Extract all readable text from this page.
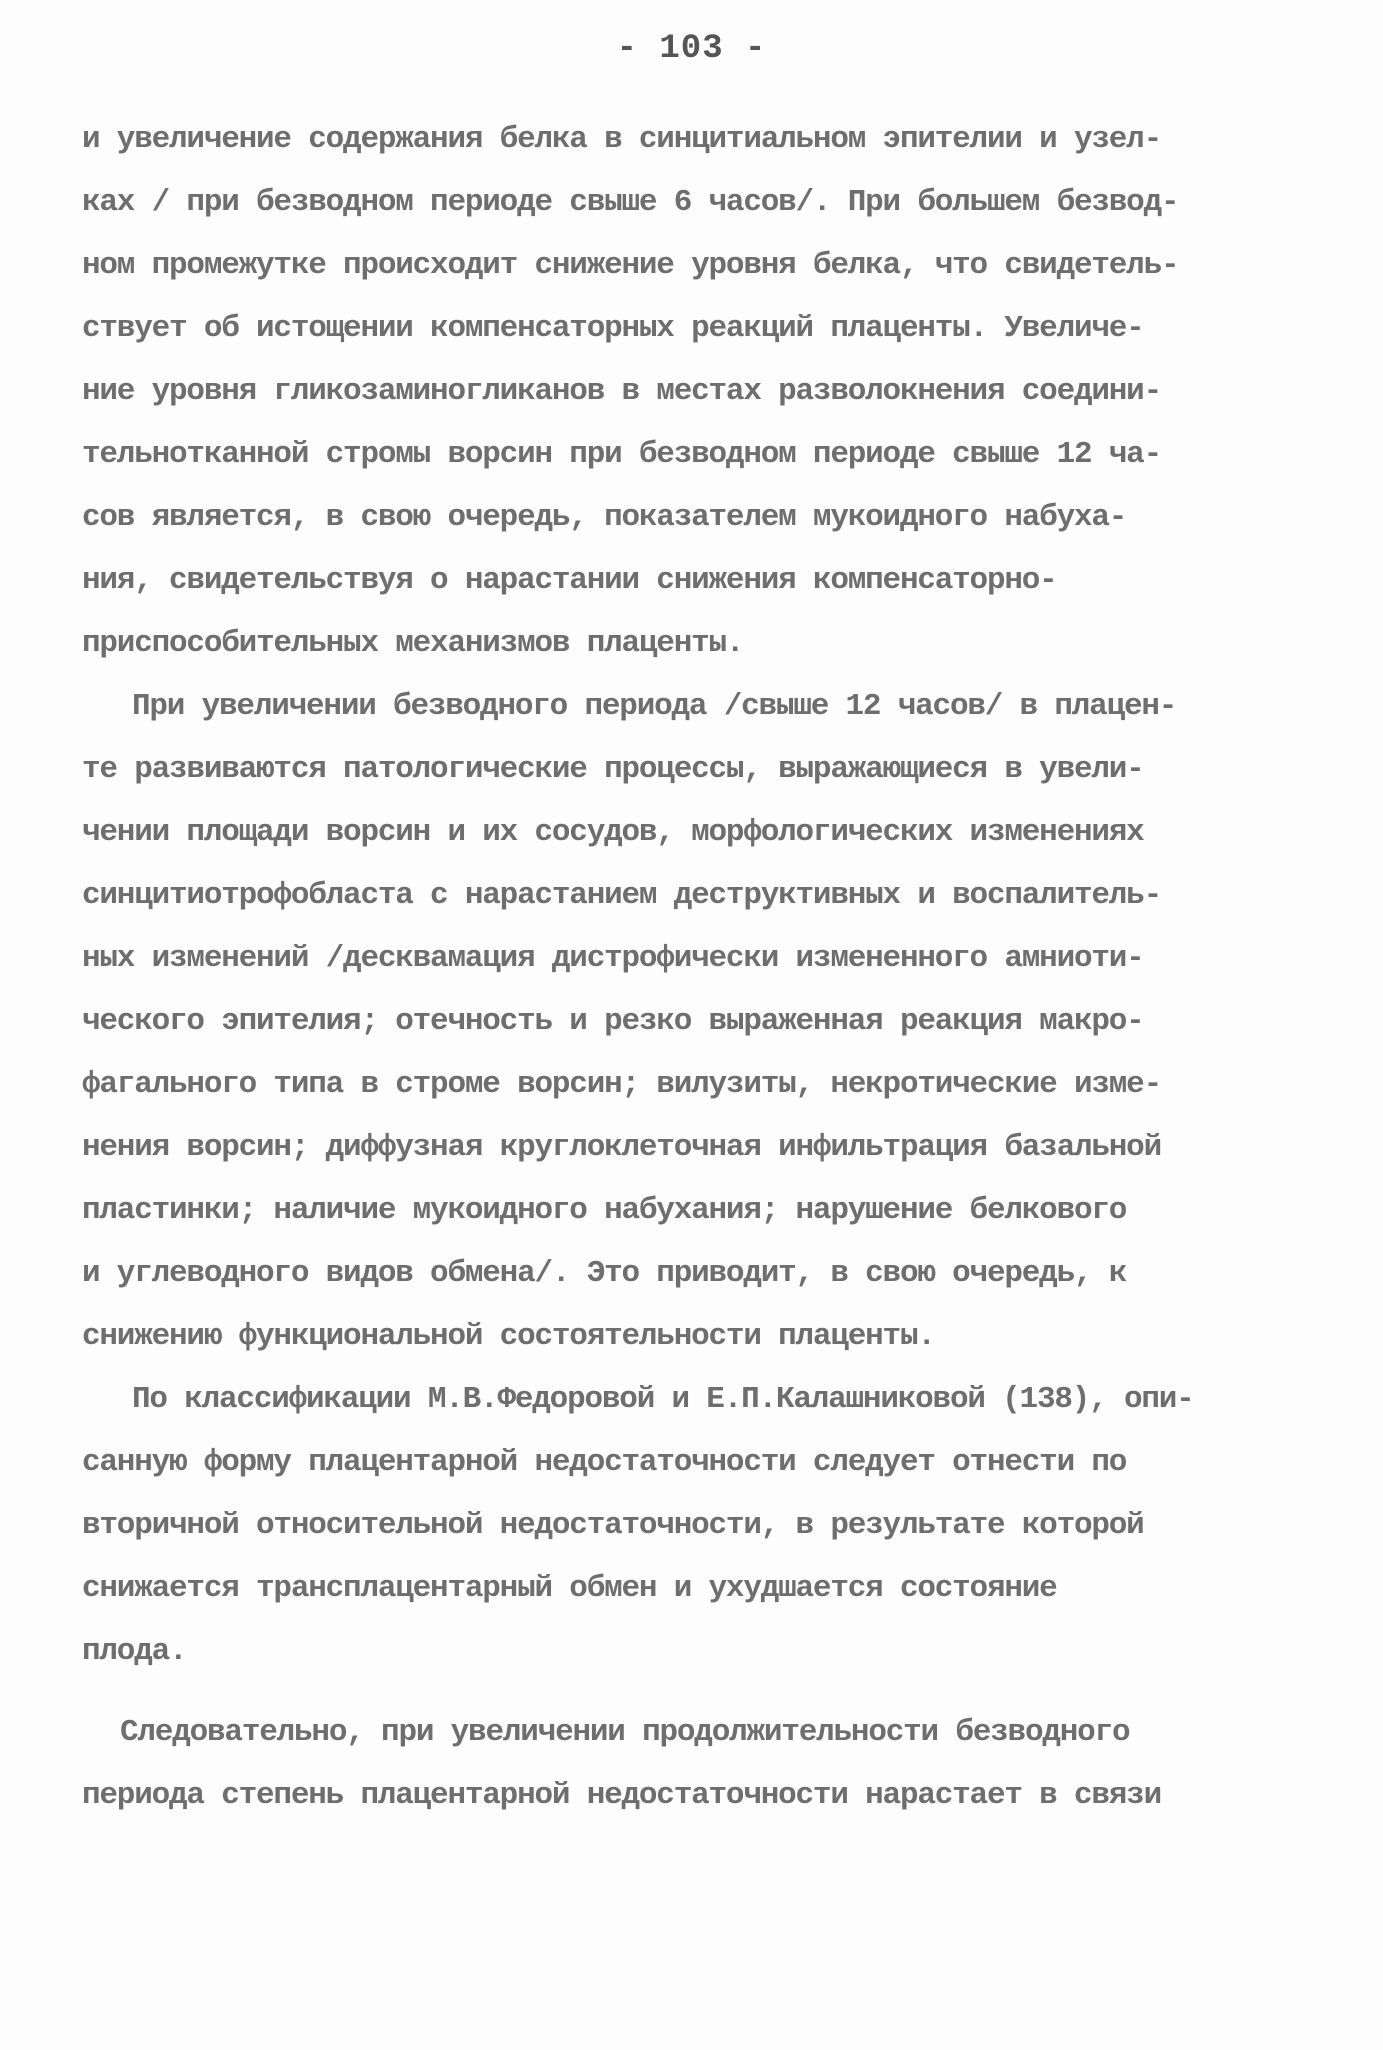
- 103 -
и увеличение содержания белка в синцитиальном эпителии и узел-
ках / при безводном периоде свыше 6 часов/. При большем безвод-
ном промежутке происходит снижение уровня белка, что свидетель-
ствует об истощении компенсаторных реакций плаценты. Увеличе-
ние уровня гликозаминогликанов в местах разволокнения соедини-
тельнотканной стромы ворсин при безводном периоде свыше 12 ча-
сов является, в свою очередь, показателем мукоидного набуха-
ния, свидетельствуя о нарастании снижения компенсаторно-
приспособительных механизмов плаценты.
При увеличении безводного периода /свыше 12 часов/ в плацен-
те развиваются патологические процессы, выражающиеся в увели-
чении площади ворсин и их сосудов, морфологических изменениях
синцитиотрофобласта с нарастанием деструктивных и воспалитель-
ных изменений /десквамация дистрофически измененного амниоти-
ческого эпителия; отечность и резко выраженная реакция макро-
фагального типа в строме ворсин; вилузиты, некротические изме-
нения ворсин; диффузная круглоклеточная инфильтрация базальной
пластинки; наличие мукоидного набухания; нарушение белкового
и углеводного видов обмена/. Это приводит, в свою очередь, к
снижению функциональной состоятельности плаценты.
По классификации М.В.Федоровой и Е.П.Калашниковой (138), опи-
санную форму плацентарной недостаточности следует отнести по
вторичной относительной недостаточности, в результате которой
снижается трансплацентарный обмен и ухудшается состояние
плода.
Следовательно, при увеличении продолжительности безводного
периода степень плацентарной недостаточности нарастает в связи
